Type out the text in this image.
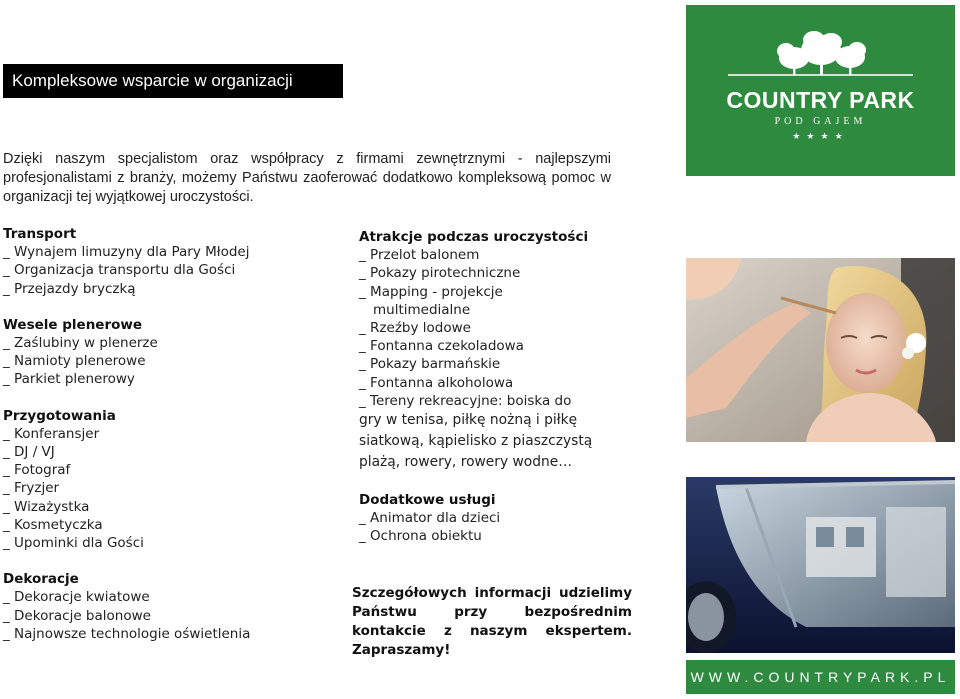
Kompleksowe wsparcie w organizacji
Dzięki naszym specjalistom oraz współpracy z firmami zewnętrznymi - najlepszymi profesjonalistami z branży, możemy Państwu zaoferować dodatkowo kompleksową pomoc w organizacji tej wyjątkowej uroczystości.
Transport
_ Wynajem limuzyny dla Pary Młodej
_ Organizacja transportu dla Gości
_ Przejazdy bryczką
Wesele plenerowe
_ Zaślubiny w plenerze
_ Namioty plenerowe
_ Parkiet plenerowy
Przygotowania
_ Konferansjer
_ DJ / VJ
_ Fotograf
_ Fryzjer
_ Wizażystka
_ Kosmetyczka
_ Upominki dla Gości
Dekoracje
_ Dekoracje kwiatowe
_ Dekoracje balonowe
_ Najnowsze technologie oświetlenia
Atrakcje podczas uroczystości
_ Przelot balonem
_ Pokazy pirotechniczne
_ Mapping - projekcje
multimedialne
_ Rzeźby lodowe
_ Fontanna czekoladowa
_ Pokazy barmańskie
_ Fontanna alkoholowa
_ Tereny rekreacyjne: boiska do
gry w tenisa, piłkę nożną i piłkę
siatkową, kąpielisko z piaszczystą
plażą, rowery, rowery wodne…
Dodatkowe usługi
_ Animator dla dzieci
_ Ochrona obiektu
Szczegółowych informacji udzielimy Państwu przy bezpośrednim kontakcie z naszym ekspertem. Zapraszamy!
COUNTRY PARK
POD GAJEM
★★★★
WWW.COUNTRYPARK.PL
